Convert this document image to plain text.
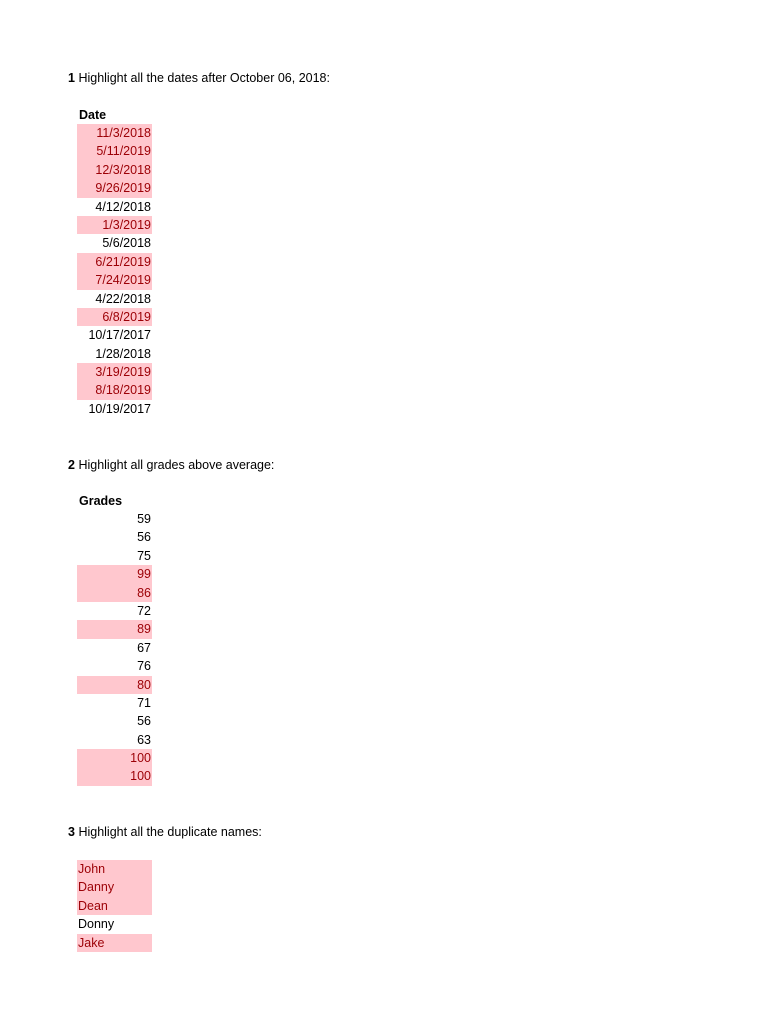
1 Highlight all the dates after October 06, 2018:
Date
11/3/2018
5/11/2019
12/3/2018
9/26/2019
4/12/2018
1/3/2019
5/6/2018
6/21/2019
7/24/2019
4/22/2018
6/8/2019
10/17/2017
1/28/2018
3/19/2019
8/18/2019
10/19/2017
2 Highlight all grades above average:
Grades
59
56
75
99
86
72
89
67
76
80
71
56
63
100
100
3 Highlight all the duplicate names:
John
Danny
Dean
Donny
Jake
